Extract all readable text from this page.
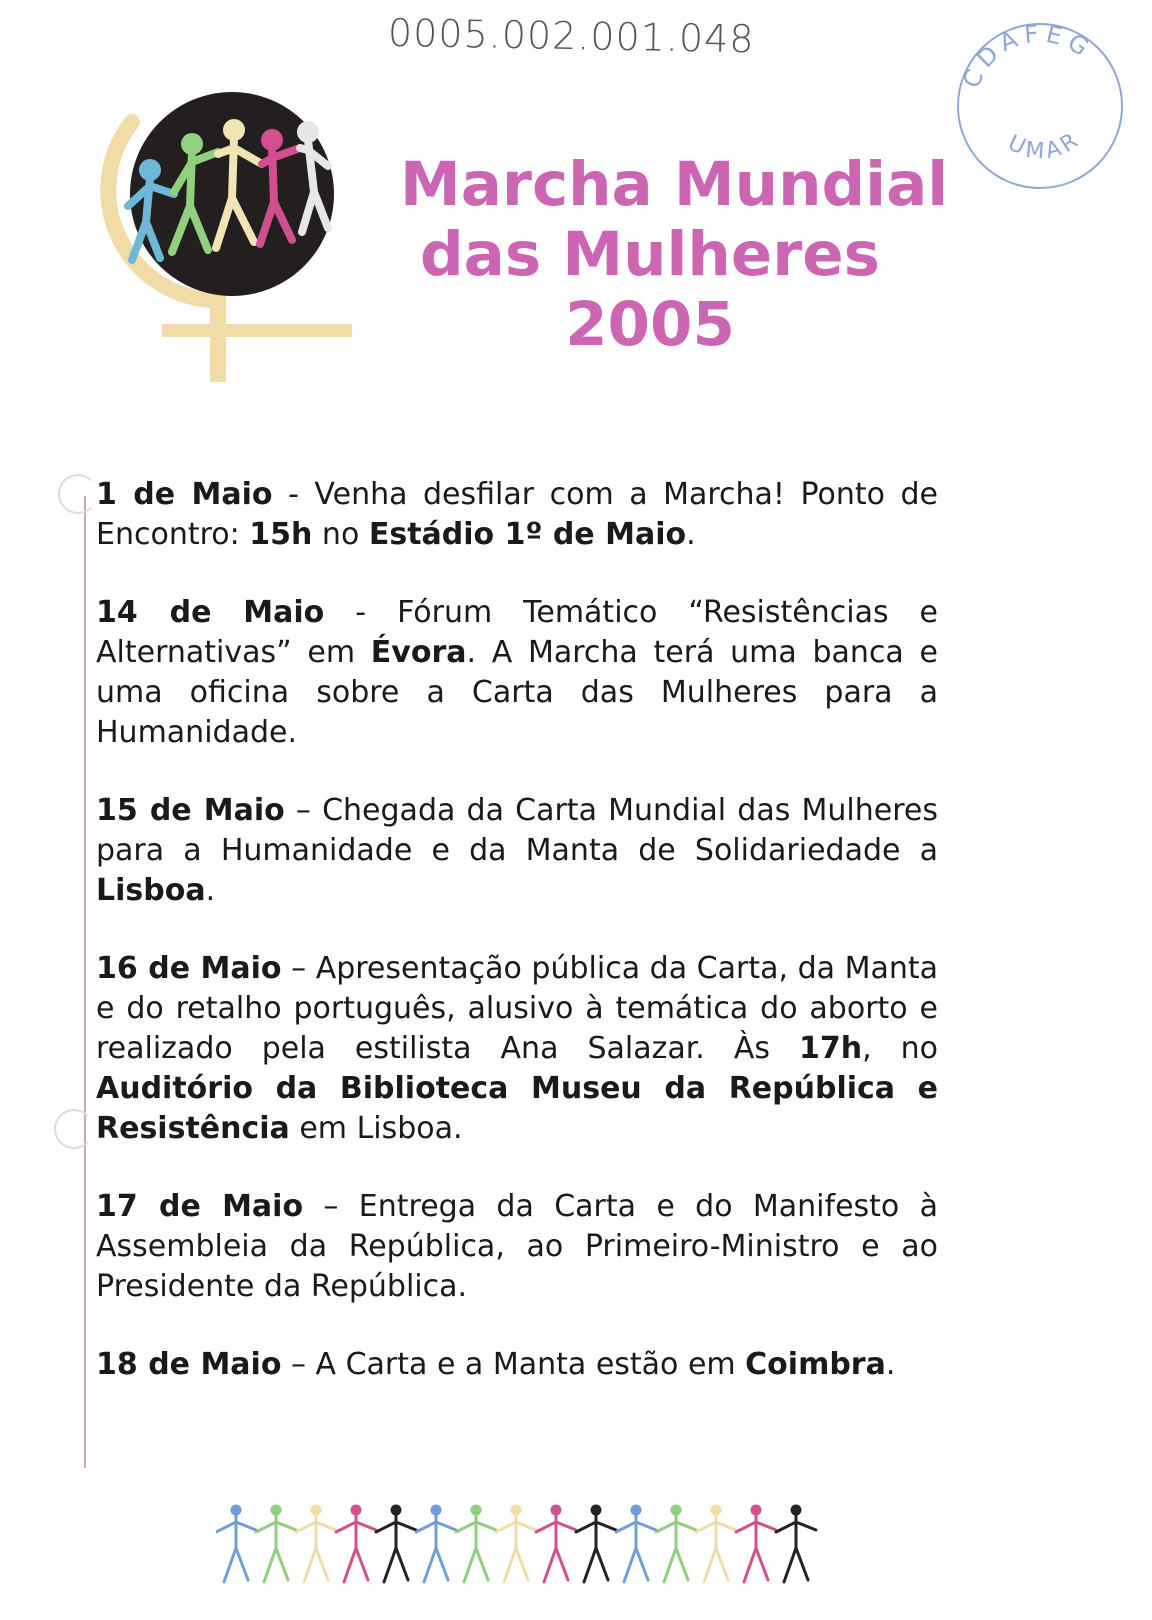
0005.002.001.048
CDAFEG
UMAR
Marcha Mundial
das Mulheres
2005

1 de Maio - Venha desfilar com a Marcha! Ponto de Encontro: 15h no Estádio 1º de Maio.

14 de Maio - Fórum Temático “Resistências e Alternativas” em Évora. A Marcha terá uma banca e uma oficina sobre a Carta das Mulheres para a Humanidade.

15 de Maio – Chegada da Carta Mundial das Mulheres para a Humanidade e da Manta de Solidariedade a Lisboa.

16 de Maio – Apresentação pública da Carta, da Manta e do retalho português, alusivo à temática do aborto e realizado pela estilista Ana Salazar. Às 17h, no Auditório da Biblioteca Museu da República e Resistência em Lisboa.

17 de Maio – Entrega da Carta e do Manifesto à Assembleia da República, ao Primeiro-Ministro e ao Presidente da República.

18 de Maio – A Carta e a Manta estão em Coimbra.
